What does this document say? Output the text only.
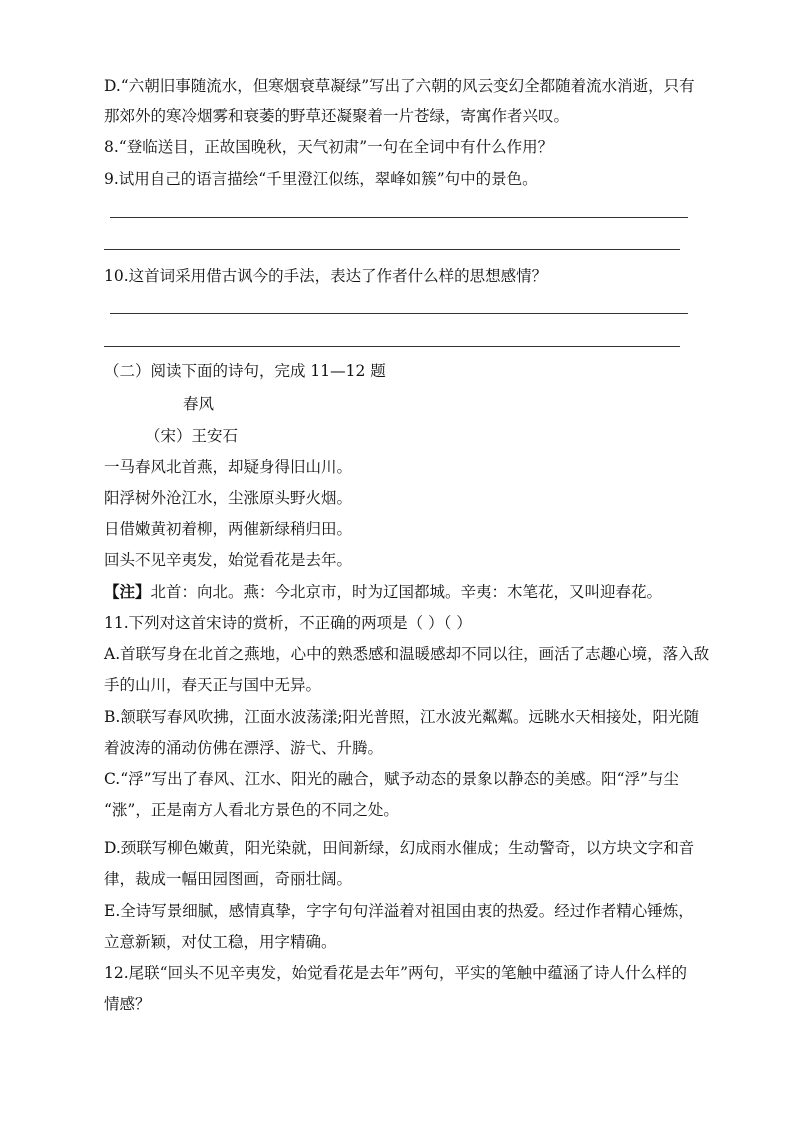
D.“六朝旧事随流水，但寒烟衰草凝绿”写出了六朝的风云变幻全都随着流水消逝，只有
那郊外的寒冷烟雾和衰萎的野草还凝聚着一片苍绿，寄寓作者兴叹。
8.“登临送目，正故国晚秋，天气初肃”一句在全词中有什么作用？
9.试用自己的语言描绘“千里澄江似练，翠峰如簇”句中的景色。
10.这首词采用借古讽今的手法，表达了作者什么样的思想感情？
（二）阅读下面的诗句，完成 11—12 题
春风
（宋）王安石
一马春风北首燕，却疑身得旧山川。
阳浮树外沧江水，尘涨原头野火烟。
日借嫩黄初着柳，两催新绿稍归田。
回头不见辛夷发，始觉看花是去年。
【注】北首：向北。燕：今北京市，时为辽国都城。辛夷：木笔花，又叫迎春花。
11.下列对这首宋诗的赏析，不正确的两项是（ ）（ ）
A.首联写身在北首之燕地，心中的熟悉感和温暖感却不同以往，画活了志趣心境，落入敌
手的山川，春天正与国中无异。
B.颔联写春风吹拂，江面水波荡漾;阳光普照，江水波光粼粼。远眺水天相接处，阳光随
着波涛的涌动仿佛在漂浮、游弋、升腾。
C.“浮”写出了春风、江水、阳光的融合，赋予动态的景象以静态的美感。阳“浮”与尘
“涨”，正是南方人看北方景色的不同之处。
D.颈联写柳色嫩黄，阳光染就，田间新绿，幻成雨水催成；生动警奇，以方块文字和音
律，裁成一幅田园图画，奇丽壮阔。
E.全诗写景细腻，感情真挚，字字句句洋溢着对祖国由衷的热爱。经过作者精心锤炼，
立意新颖，对仗工稳，用字精确。
12.尾联“回头不见辛夷发，始觉看花是去年”两句，平实的笔触中蕴涵了诗人什么样的
情感？
